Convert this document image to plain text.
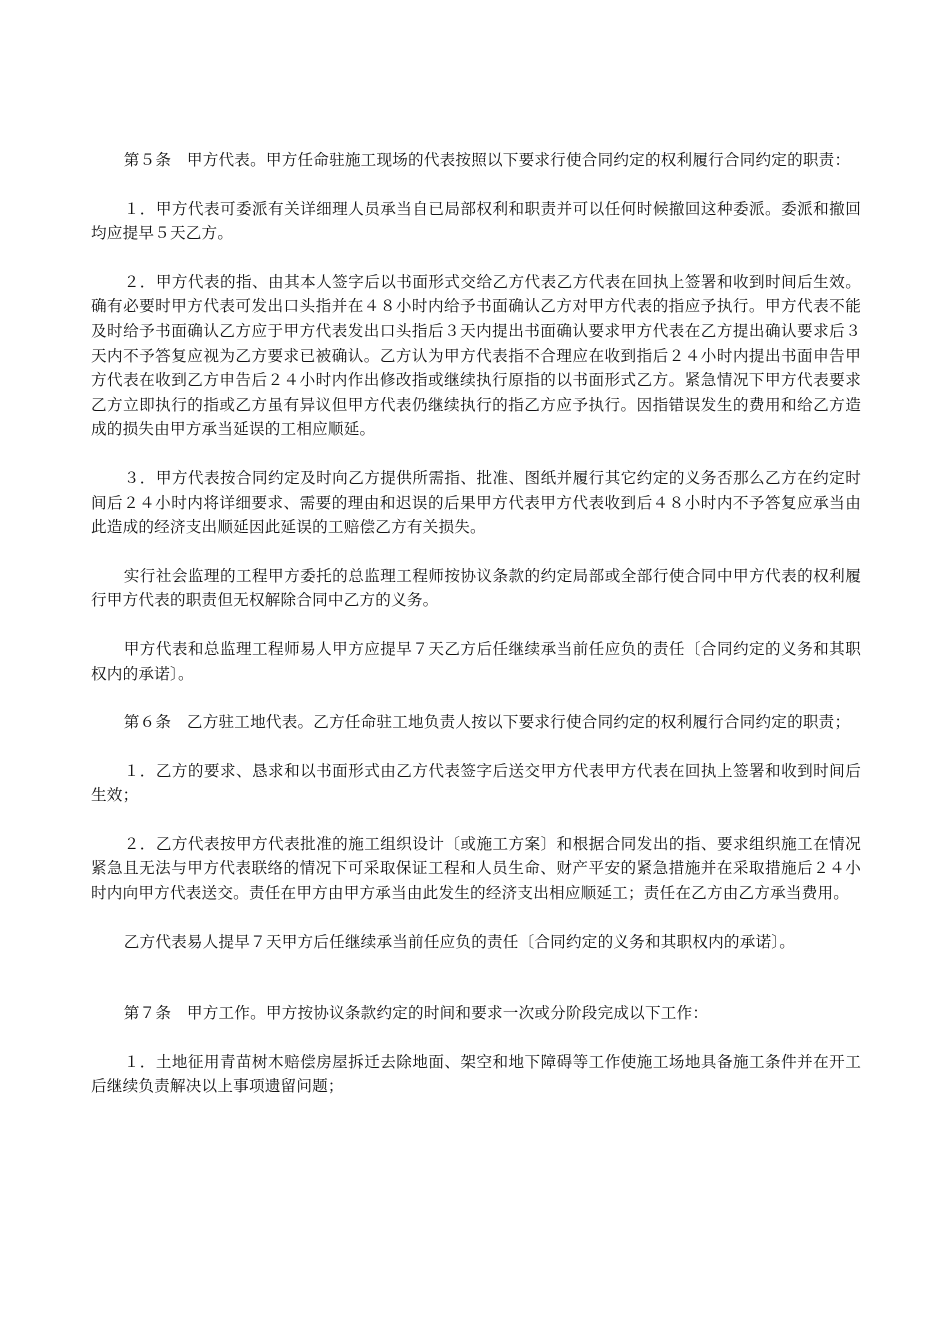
第５条　甲方代表。甲方任命驻施工现场的代表按照以下要求行使合同约定的权利履行合同约定的职责：

１．甲方代表可委派有关详细理人员承当自已局部权利和职责并可以任何时候撤回这种委派。委派和撤回均应提早５天乙方。

２．甲方代表的指、由其本人签字后以书面形式交给乙方代表乙方代表在回执上签署和收到时间后生效。确有必要时甲方代表可发出口头指并在４８小时内给予书面确认乙方对甲方代表的指应予执行。甲方代表不能及时给予书面确认乙方应于甲方代表发出口头指后３天内提出书面确认要求甲方代表在乙方提出确认要求后３天内不予答复应视为乙方要求已被确认。乙方认为甲方代表指不合理应在收到指后２４小时内提出书面申告甲方代表在收到乙方申告后２４小时内作出修改指或继续执行原指的以书面形式乙方。紧急情况下甲方代表要求乙方立即执行的指或乙方虽有异议但甲方代表仍继续执行的指乙方应予执行。因指错误发生的费用和给乙方造成的损失由甲方承当延误的工相应顺延。

３．甲方代表按合同约定及时向乙方提供所需指、批准、图纸并履行其它约定的义务否那么乙方在约定时间后２４小时内将详细要求、需要的理由和迟误的后果甲方代表甲方代表收到后４８小时内不予答复应承当由此造成的经济支出顺延因此延误的工赔偿乙方有关损失。

实行社会监理的工程甲方委托的总监理工程师按协议条款的约定局部或全部行使合同中甲方代表的权利履行甲方代表的职责但无权解除合同中乙方的义务。

甲方代表和总监理工程师易人甲方应提早７天乙方后任继续承当前任应负的责任〔合同约定的义务和其职权内的承诺〕。

第６条　乙方驻工地代表。乙方任命驻工地负责人按以下要求行使合同约定的权利履行合同约定的职责；

１．乙方的要求、恳求和以书面形式由乙方代表签字后送交甲方代表甲方代表在回执上签署和收到时间后生效；

２．乙方代表按甲方代表批准的施工组织设计〔或施工方案〕和根据合同发出的指、要求组织施工在情况紧急且无法与甲方代表联络的情况下可采取保证工程和人员生命、财产平安的紧急措施并在采取措施后２４小时内向甲方代表送交。责任在甲方由甲方承当由此发生的经济支出相应顺延工；责任在乙方由乙方承当费用。

乙方代表易人提早７天甲方后任继续承当前任应负的责任〔合同约定的义务和其职权内的承诺〕。

第７条　甲方工作。甲方按协议条款约定的时间和要求一次或分阶段完成以下工作：

１．土地征用青苗树木赔偿房屋拆迁去除地面、架空和地下障碍等工作使施工场地具备施工条件并在开工后继续负责解决以上事项遗留问题；
